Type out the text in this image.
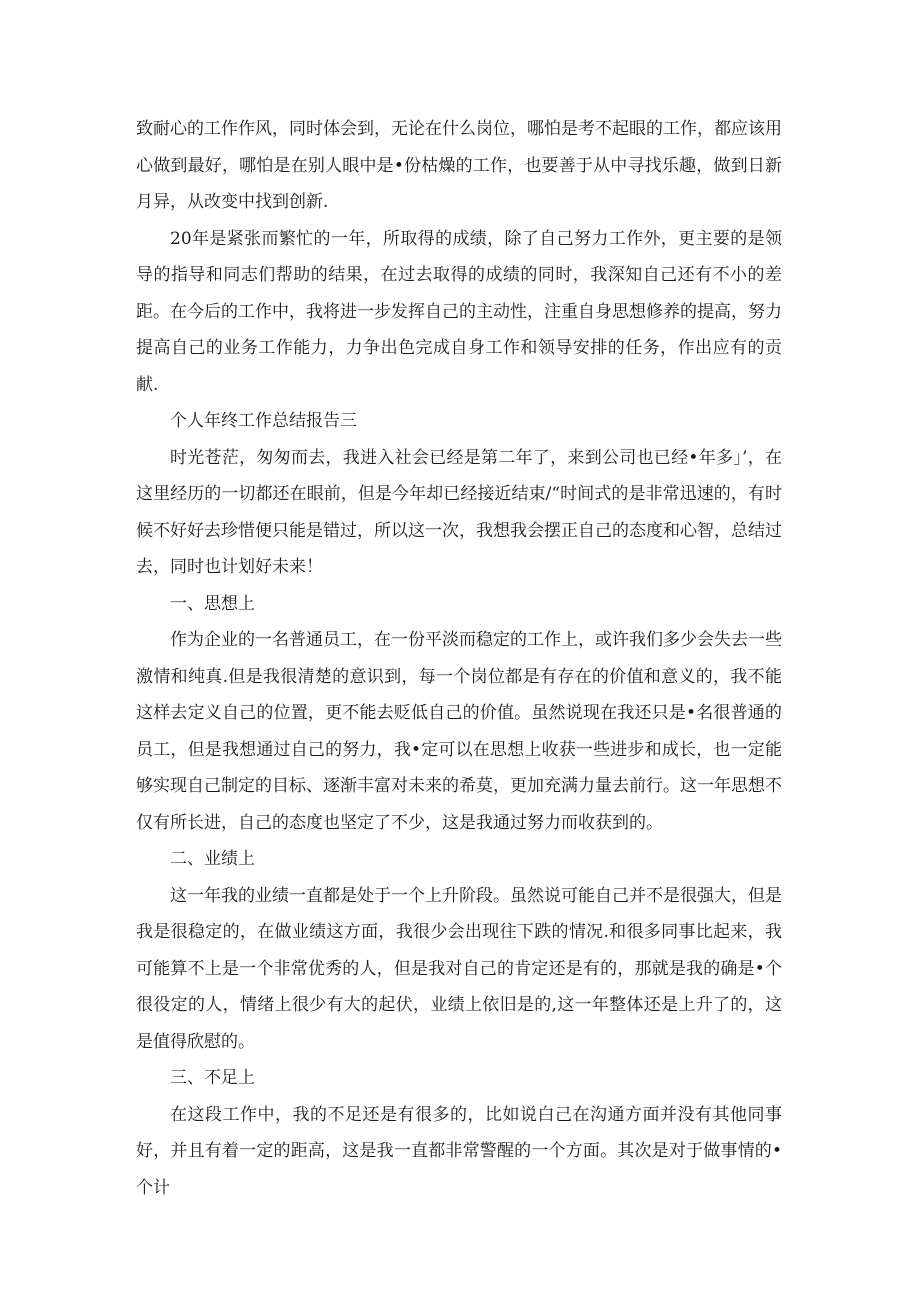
致耐心的工作作风，同时体会到，无论在什么岗位，哪怕是考不起眼的工作，都应该用心做到最好，哪怕是在别人眼中是•份枯燥的工作，也要善于从中寻找乐趣，做到日新月异，从改变中找到创新.

20年是紧张而繁忙的一年，所取得的成绩，除了自己努力工作外，更主要的是领导的指导和同志们帮助的结果，在过去取得的成绩的同时，我深知自己还有不小的差距。在今后的工作中，我将进一步发挥自己的主动性，注重自身思想修养的提高，努力提高自己的业务工作能力，力争出色完成自身工作和领导安排的任务，作出应有的贡献.

个人年终工作总结报告三

时光苍茫，匆匆而去，我进入社会已经是第二年了，来到公司也已经•年多」’，在这里经历的一切都还在眼前，但是今年却已经接近结束/“时间式的是非常迅速的，有时候不好好去珍惜便只能是错过，所以这一次，我想我会摆正自己的态度和心智，总结过去，同时也计划好未来！

一、思想上

作为企业的一名普通员工，在一份平淡而稳定的工作上，或许我们多少会失去一些激情和纯真.但是我很清楚的意识到，每一个岗位都是有存在的价值和意义的，我不能这样去定义自己的位置，更不能去贬低自己的价值。虽然说现在我还只是•名很普通的员工，但是我想通过自己的努力，我•定可以在思想上收获一些进步和成长，也一定能够实现自己制定的目标、逐渐丰富对未来的希莫，更加充满力量去前行。这一年思想不仅有所长进，自己的态度也坚定了不少，这是我通过努力而收获到的。

二、业绩上

这一年我的业绩一直都是处于一个上升阶段。虽然说可能自己并不是很强大，但是我是很稳定的，在做业绩这方面，我很少会出现往下跌的情况.和很多同事比起来，我可能算不上是一个非常优秀的人，但是我对自己的肯定还是有的，那就是我的确是•个很役定的人，情绪上很少有大的起伏，业绩上依旧是的,这一年整体还是上升了的，这是值得欣慰的。

三、不足上

在这段工作中，我的不足还是有很多的，比如说白己在沟通方面并没有其他同事好，并且有着一定的距高，这是我一直都非常警醒的一个方面。其次是对于做事情的•个计
